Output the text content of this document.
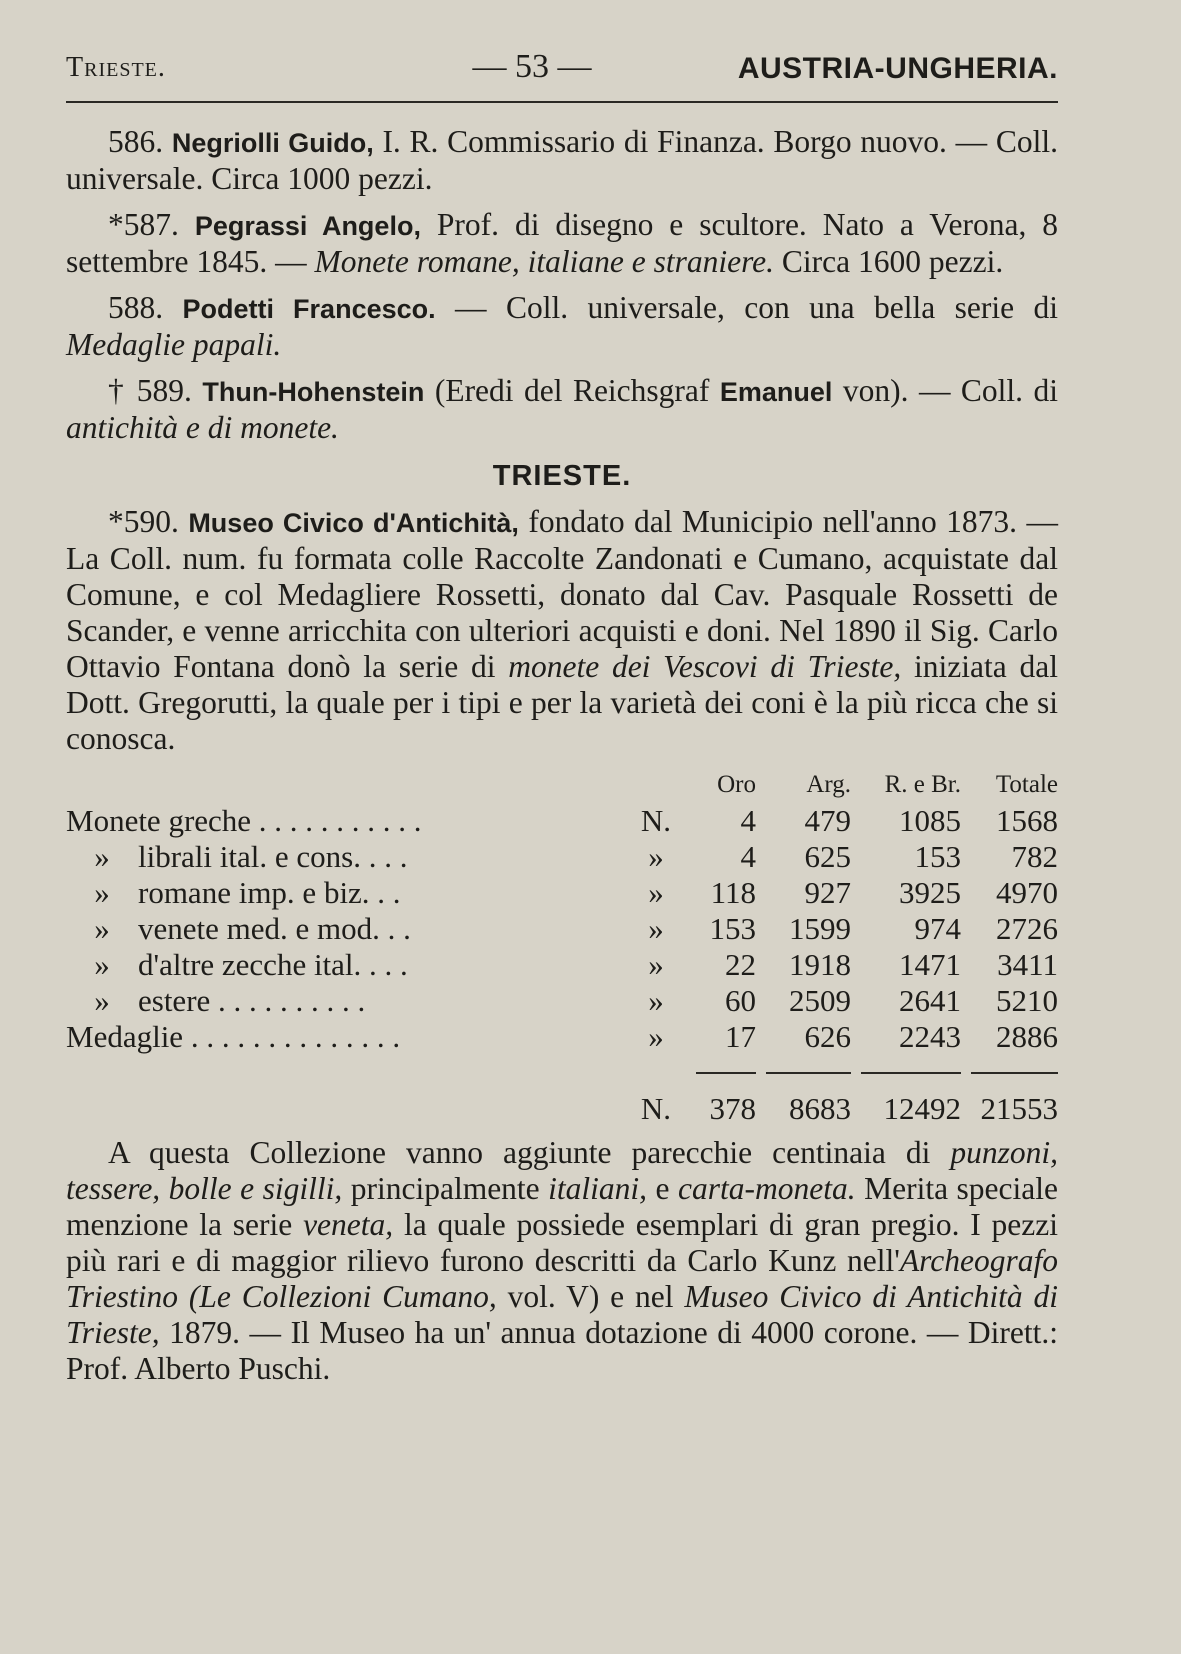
Trieste.	— 53 —	AUSTRIA-UNGHERIA.

586. Negriolli Guido, I. R. Commissario di Finanza. Borgo nuovo. — Coll. universale. Circa 1000 pezzi.

*587. Pegrassi Angelo, Prof. di disegno e scultore. Nato a Verona, 8 settembre 1845. — Monete romane, italiane e straniere. Circa 1600 pezzi.

588. Podetti Francesco. — Coll. universale, con una bella serie di Medaglie papali.

† 589. Thun-Hohenstein (Eredi del Reichsgraf Emanuel von). — Coll. di antichità e di monete.

TRIESTE.

*590. Museo Civico d'Antichità, fondato dal Municipio nell'anno 1873. — La Coll. num. fu formata colle Raccolte Zandonati e Cumano, acquistate dal Comune, e col Medagliere Rossetti, donato dal Cav. Pasquale Rossetti de Scander, e venne arricchita con ulteriori acquisti e doni. Nel 1890 il Sig. Carlo Ottavio Fontana donò la serie di monete dei Vescovi di Trieste, iniziata dal Dott. Gregorutti, la quale per i tipi e per la varietà dei coni è la più ricca che si conosca.

		Oro	Arg.	R. e Br.	Totale
Monete greche . . . . . . . . . . .	N.	4	479	1085	1568
» librali ital. e cons. . . .	»	4	625	153	782
» romane imp. e biz. . .	»	118	927	3925	4970
» venete med. e mod. . .	»	153	1599	974	2726
» d'altre zecche ital. . . .	»	22	1918	1471	3411
» estere . . . . . . . . . .	»	60	2509	2641	5210
Medaglie . . . . . . . . . . . . . .	»	17	626	2243	2886

	N.	378	8683	12492	21553

A questa Collezione vanno aggiunte parecchie centinaia di punzoni, tessere, bolle e sigilli, principalmente italiani, e carta-moneta. Merita speciale menzione la serie veneta, la quale possiede esemplari di gran pregio. I pezzi più rari e di maggior rilievo furono descritti da Carlo Kunz nell'Archeografo Triestino (Le Collezioni Cumano, vol. V) e nel Museo Civico di Antichità di Trieste, 1879. — Il Museo ha un' annua dotazione di 4000 corone. — Dirett.: Prof. Alberto Puschi.
